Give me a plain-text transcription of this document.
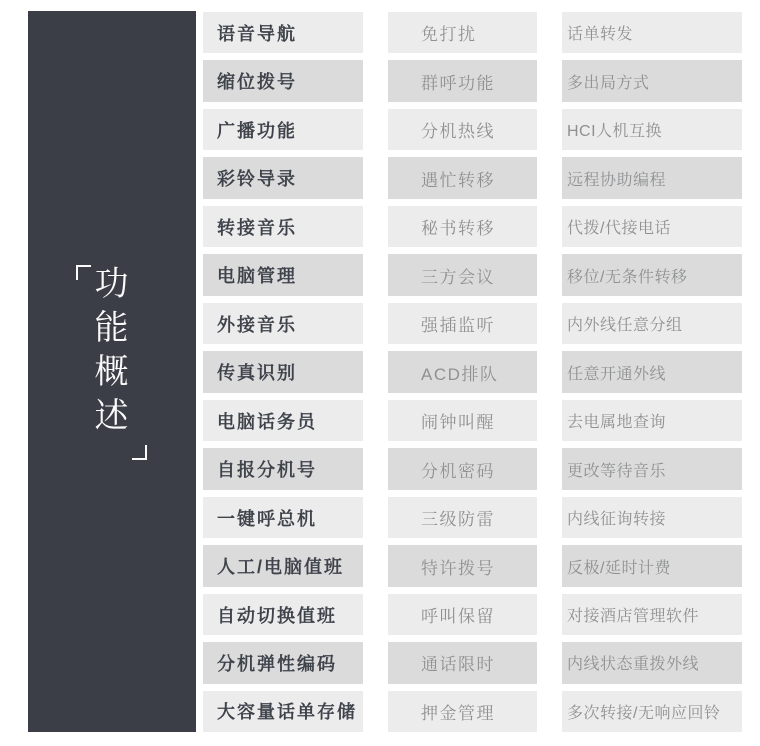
功
能
概
述
语音导航	免打扰	话单转发
缩位拨号	群呼功能	多出局方式
广播功能	分机热线	HCI人机互换
彩铃导录	遇忙转移	远程协助编程
转接音乐	秘书转移	代拨/代接电话
电脑管理	三方会议	移位/无条件转移
外接音乐	强插监听	内外线任意分组
传真识别	ACD排队	任意开通外线
电脑话务员	闹钟叫醒	去电属地查询
自报分机号	分机密码	更改等待音乐
一键呼总机	三级防雷	内线征询转接
人工/电脑值班	特许拨号	反极/延时计费
自动切换值班	呼叫保留	对接酒店管理软件
分机弹性编码	通话限时	内线状态重拨外线
大容量话单存储	押金管理	多次转接/无响应回铃
